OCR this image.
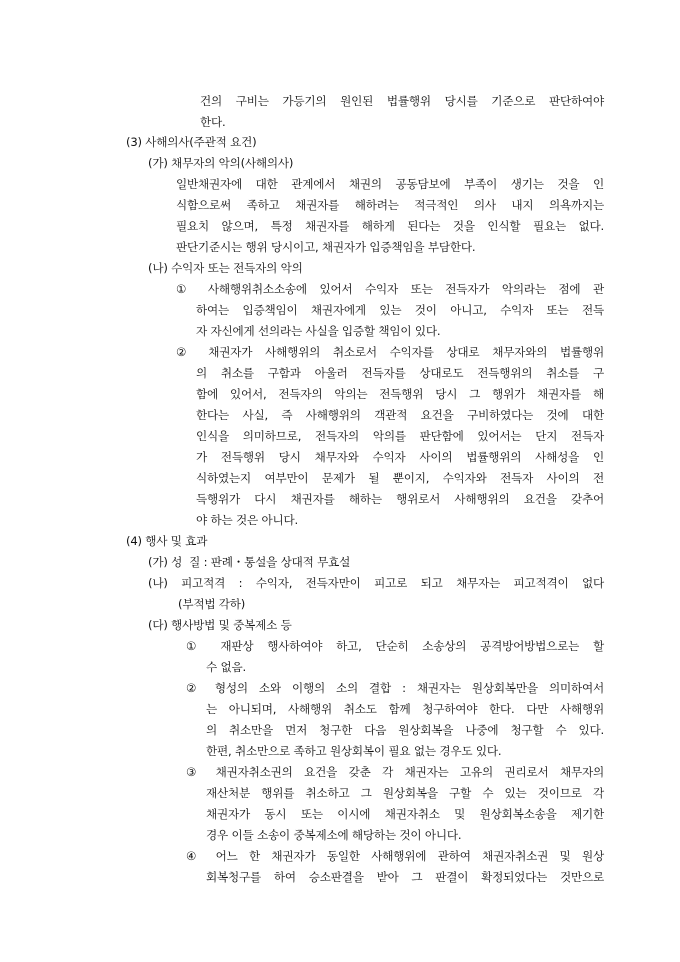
건의 구비는 가등기의 원인된 법률행위 당시를 기준으로 판단하여야
한다.
(3) 사해의사(주관적 요건)
(가) 채무자의 악의(사해의사)
일반채권자에 대한 관계에서 채권의 공동담보에 부족이 생기는 것을 인
식함으로써 족하고 채권자를 해하려는 적극적인 의사 내지 의욕까지는
필요치 않으며, 특정 채권자를 해하게 된다는 것을 인식할 필요는 없다.
판단기준시는 행위 당시이고, 채권자가 입증책임을 부담한다.
(나) 수익자 또는 전득자의 악의
① 사해행위취소소송에 있어서 수익자 또는 전득자가 악의라는 점에 관
하여는 입증책임이 채권자에게 있는 것이 아니고, 수익자 또는 전득
자 자신에게 선의라는 사실을 입증할 책임이 있다.
② 채권자가 사해행위의 취소로서 수익자를 상대로 채무자와의 법률행위
의 취소를 구함과 아울러 전득자를 상대로도 전득행위의 취소를 구
함에 있어서, 전득자의 악의는 전득행위 당시 그 행위가 채권자를 해
한다는 사실, 즉 사해행위의 객관적 요건을 구비하였다는 것에 대한
인식을 의미하므로, 전득자의 악의를 판단함에 있어서는 단지 전득자
가 전득행위 당시 채무자와 수익자 사이의 법률행위의 사해성을 인
식하였는지 여부만이 문제가 될 뿐이지, 수익자와 전득자 사이의 전
득행위가 다시 채권자를 해하는 행위로서 사해행위의 요건을 갖추어
야 하는 것은 아니다.
(4) 행사 및 효과
(가) 성  질 : 판례・통설을 상대적 무효설
(나) 피고적격 : 수익자, 전득자만이 피고로 되고 채무자는 피고적격이 없다
(부적법 각하)
(다) 행사방법 및 중복제소 등
① 재판상 행사하여야 하고, 단순히 소송상의 공격방어방법으로는 할
수 없음.
② 형성의 소와 이행의 소의 결합 : 채권자는 원상회복만을 의미하여서
는 아니되며, 사해행위 취소도 함께 청구하여야 한다. 다만 사해행위
의 취소만을 먼저 청구한 다음 원상회복을 나중에 청구할 수 있다.
한편, 취소만으로 족하고 원상회복이 필요 없는 경우도 있다.
③ 채권자취소권의 요건을 갖춘 각 채권자는 고유의 권리로서 채무자의
재산처분 행위를 취소하고 그 원상회복을 구할 수 있는 것이므로 각
채권자가 동시 또는 이시에 채권자취소 및 원상회복소송을 제기한
경우 이들 소송이 중복제소에 해당하는 것이 아니다.
④ 어느 한 채권자가 동일한 사해행위에 관하여 채권자취소권 및 원상
회복청구를 하여 승소판결을 받아 그 판결이 확정되었다는 것만으로
